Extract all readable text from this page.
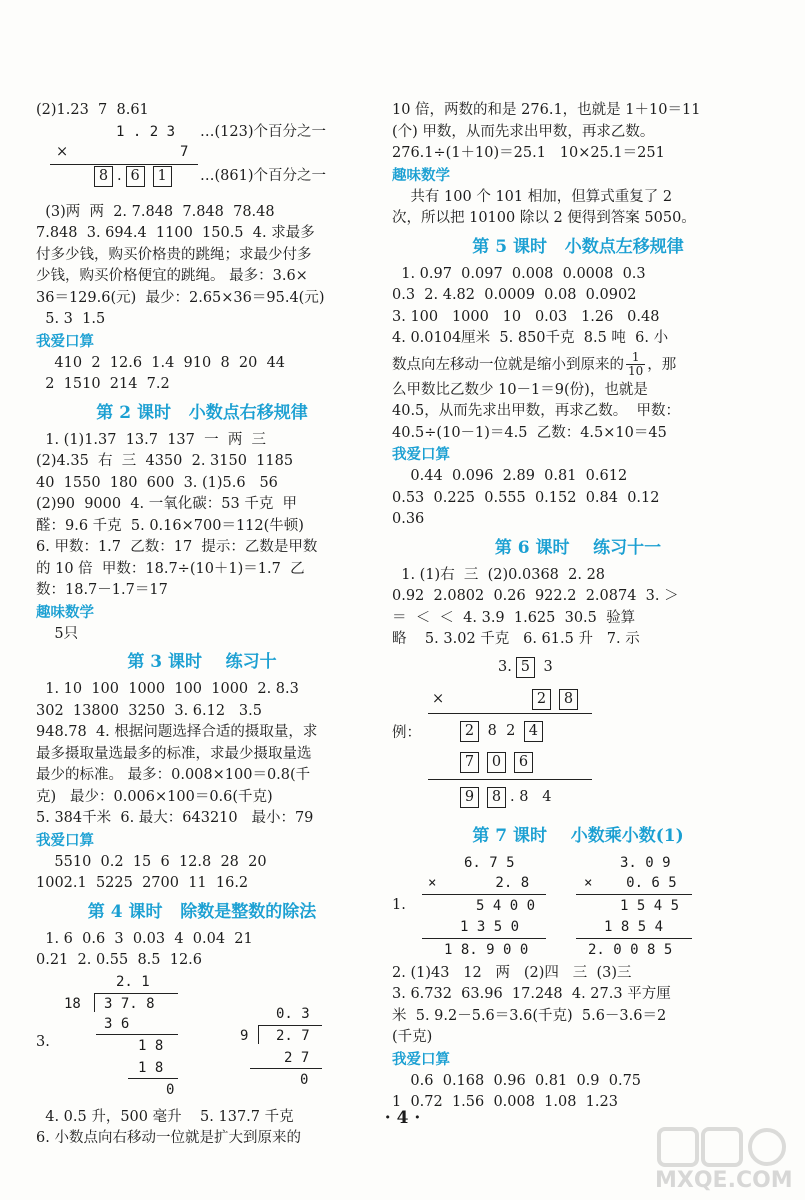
(2)1.23  7  8.61
1 . 2 3 …(123)个百分之一
×	7
8 . 6 1	…(861)个百分之一
(3)两  两  2. 7.848  7.848  78.48
7.848  3. 694.4  1100  150.5  4. 求最多
付多少钱，购买价格贵的跳绳；求最少付多
少钱，购买价格便宜的跳绳。 最多：3.6×
36＝129.6(元)  最少：2.65×36＝95.4(元)
5. 3  1.5
我爱口算
410  2  12.6  1.4  910  8  20  44
2  1510  214  7.2
第 2 课时   小数点右移规律
1. (1)1.37  13.7  137  一  两  三
(2)4.35  右  三  4350  2. 3150  1185
40  1550  180  600  3. (1)5.6   56
(2)90  9000  4. 一氧化碳：53 千克  甲
醛：9.6 千克  5. 0.16×700＝112(牛顿)
6. 甲数：1.7  乙数：17  提示：乙数是甲数
的 10 倍  甲数：18.7÷(10＋1)＝1.7  乙
数：18.7－1.7＝17
趣味数学
5只
第 3 课时    练习十
1. 10  100  1000  100  1000  2. 8.3
302  13800  3250  3. 6.12   3.5
948.78  4. 根据问题选择合适的摄取量，求
最多摄取量选最多的标准，求最少摄取量选
最少的标准。 最多：0.008×100＝0.8(千
克)   最少：0.006×100＝0.6(千克)
5. 384千米  6. 最大：643210   最小：79
我爱口算
5510  0.2  15  6  12.8  28  20
1002.1  5225  2700  11  16.2
第 4 课时   除数是整数的除法
1. 6  0.6  3  0.03  4  0.04  21
0.21  2. 0.55  8.5  12.6
3.
2. 1
18 3 7. 8
3 6
1 8
1 8
0
0. 3
9 2. 7
2 7
0
4. 0.5 升，500 毫升    5. 137.7 千克
6. 小数点向右移动一位就是扩大到原来的
10 倍，两数的和是 276.1，也就是 1＋10＝11
(个) 甲数，从而先求出甲数，再求乙数。
276.1÷(1＋10)＝25.1   10×25.1＝251
趣味数学
共有 100 个 101 相加，但算式重复了 2
次，所以把 10100 除以 2 便得到答案 5050。
第 5 课时   小数点左移规律
1. 0.97  0.097  0.008  0.0008  0.3
0.3  2. 4.82  0.0009  0.08  0.0902
3. 100   1000   10   0.03   1.26   0.48
4. 0.0104厘米  5. 850千克  8.5 吨  6. 小
数点向左移动一位就是缩小到原来的 $\frac{1}{10}$ ，那
么甲数比乙数少 10－1＝9(份)，也就是
40.5，从而先求出甲数，再求乙数。  甲数：
40.5÷(10－1)＝4.5  乙数：4.5×10＝45
我爱口算
0.44  0.096  2.89  0.81  0.612
0.53  0.225  0.555  0.152  0.84  0.12
0.36
第 6 课时    练习十一
1. (1)右  三  (2)0.0368  2. 28
0.92  2.0802  0.26  922.2  2.0874  3. ＞
＝  ＜  ＜  4. 3.9  1.625  30.5  验算
略    5. 3.02 千克   6. 61.5 升   7. 示
3. 5 3
×	2 8
例：	2 8 2 4
7 0 6
9 8 . 8 4
第 7 课时    小数乘小数(1)
1.
6. 7 5
×       2. 8
5 4 0 0
1 3 5 0
1 8. 9 0 0
3. 0 9
×    0. 6 5
1 5 4 5
1 8 5 4
2. 0 0 8 5
2. (1)43   12   两   (2)四   三  (3)三
3. 6.732  63.96  17.248  4. 27.3 平方厘
米  5. 9.2－5.6＝3.6(千克)  5.6－3.6＝2
(千克)
我爱口算
0.6  0.168  0.96  0.81  0.9  0.75
1  0.72  1.56  0.008  1.08  1.23
· 4 ·
MXQE.COM
